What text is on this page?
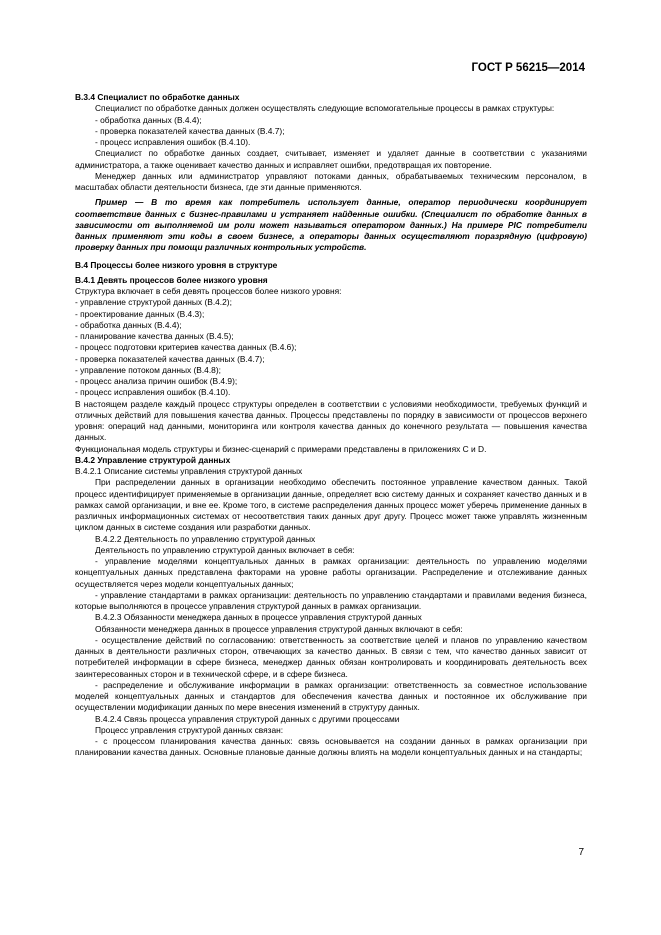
ГОСТ Р 56215—2014

В.3.4 Специалист по обработке данных

Специалист по обработке данных должен осуществлять следующие вспомогательные процессы в рамках структуры:

- обработка данных (В.4.4);

- проверка показателей качества данных (В.4.7);

- процесс исправления ошибок (В.4.10).

Специалист по обработке данных создает, считывает, изменяет и удаляет данные в соответствии с указаниями администратора, а также оценивает качество данных и исправляет ошибки, предотвращая их повторение.

Менеджер данных или администратор управляют потоками данных, обрабатываемых техническим персоналом, в масштабах области деятельности бизнеса, где эти данные применяются.

Пример — В то время как потребитель использует данные, оператор периодически координирует соответствие данных с бизнес-правилами и устраняет найденные ошибки. (Специалист по обработке данных в зависимости от выполняемой им роли может называться оператором данных.) На примере PIC потребители данных применяют эти коды в своем бизнесе, а операторы данных осуществляют поразрядную (цифровую) проверку данных при помощи различных контрольных устройств.

В.4 Процессы более низкого уровня в структуре

В.4.1 Девять процессов более низкого уровня

Структура включает в себя девять процессов более низкого уровня:

- управление структурой данных (В.4.2);

- проектирование данных (В.4.3);

- обработка данных (В.4.4);

- планирование качества данных (В.4.5);

- процесс подготовки критериев качества данных (В.4.6);

- проверка показателей качества данных (В.4.7);

- управление потоком данных (В.4.8);

- процесс анализа причин ошибок (В.4.9);

- процесс исправления ошибок (В.4.10).

В настоящем разделе каждый процесс структуры определен в соответствии с условиями необходимости, требуемых функций и отличных действий для повышения качества данных. Процессы представлены по порядку в зависимости от процессов верхнего уровня: операций над данными, мониторинга или контроля качества данных до конечного результата — повышения качества данных.

Функциональная модель структуры и бизнес-сценарий с примерами представлены в приложениях С и D.

В.4.2 Управление структурой данных

В.4.2.1 Описание системы управления структурой данных

При распределении данных в организации необходимо обеспечить постоянное управление качеством данных. Такой процесс идентифицирует применяемые в организации данные, определяет всю систему данных и сохраняет качество данных и в рамках самой организации, и вне ее. Кроме того, в системе распределения данных процесс может уберечь применение данных в различных информационных системах от несоответствия таких данных друг другу. Процесс может также управлять жизненным циклом данных в системе создания или разработки данных.

В.4.2.2 Деятельность по управлению структурой данных

Деятельность по управлению структурой данных включает в себя:

- управление моделями концептуальных данных в рамках организации: деятельность по управлению моделями концептуальных данных представлена факторами на уровне работы организации. Распределение и отслеживание данных осуществляется через модели концептуальных данных;

- управление стандартами в рамках организации: деятельность по управлению стандартами и правилами ведения бизнеса, которые выполняются в процессе управления структурой данных в рамках организации.

В.4.2.3 Обязанности менеджера данных в процессе управления структурой данных

Обязанности менеджера данных в процессе управления структурой данных включают в себя:

- осуществление действий по согласованию: ответственность за соответствие целей и планов по управлению качеством данных в деятельности различных сторон, отвечающих за качество данных. В связи с тем, что качество данных зависит от потребителей информации в сфере бизнеса, менеджер данных обязан контролировать и координировать деятельность всех заинтересованных сторон и в технической сфере, и в сфере бизнеса.

- распределение и обслуживание информации в рамках организации: ответственность за совместное использование моделей концептуальных данных и стандартов для обеспечения качества данных и постоянное их обслуживание при осуществлении модификации данных по мере внесения изменений в структуру данных.

В.4.2.4 Связь процесса управления структурой данных с другими процессами

Процесс управления структурой данных связан:

- с процессом планирования качества данных: связь основывается на создании данных в рамках организации при планировании качества данных. Основные плановые данные должны влиять на модели концептуальных данных и на стандарты;

7
